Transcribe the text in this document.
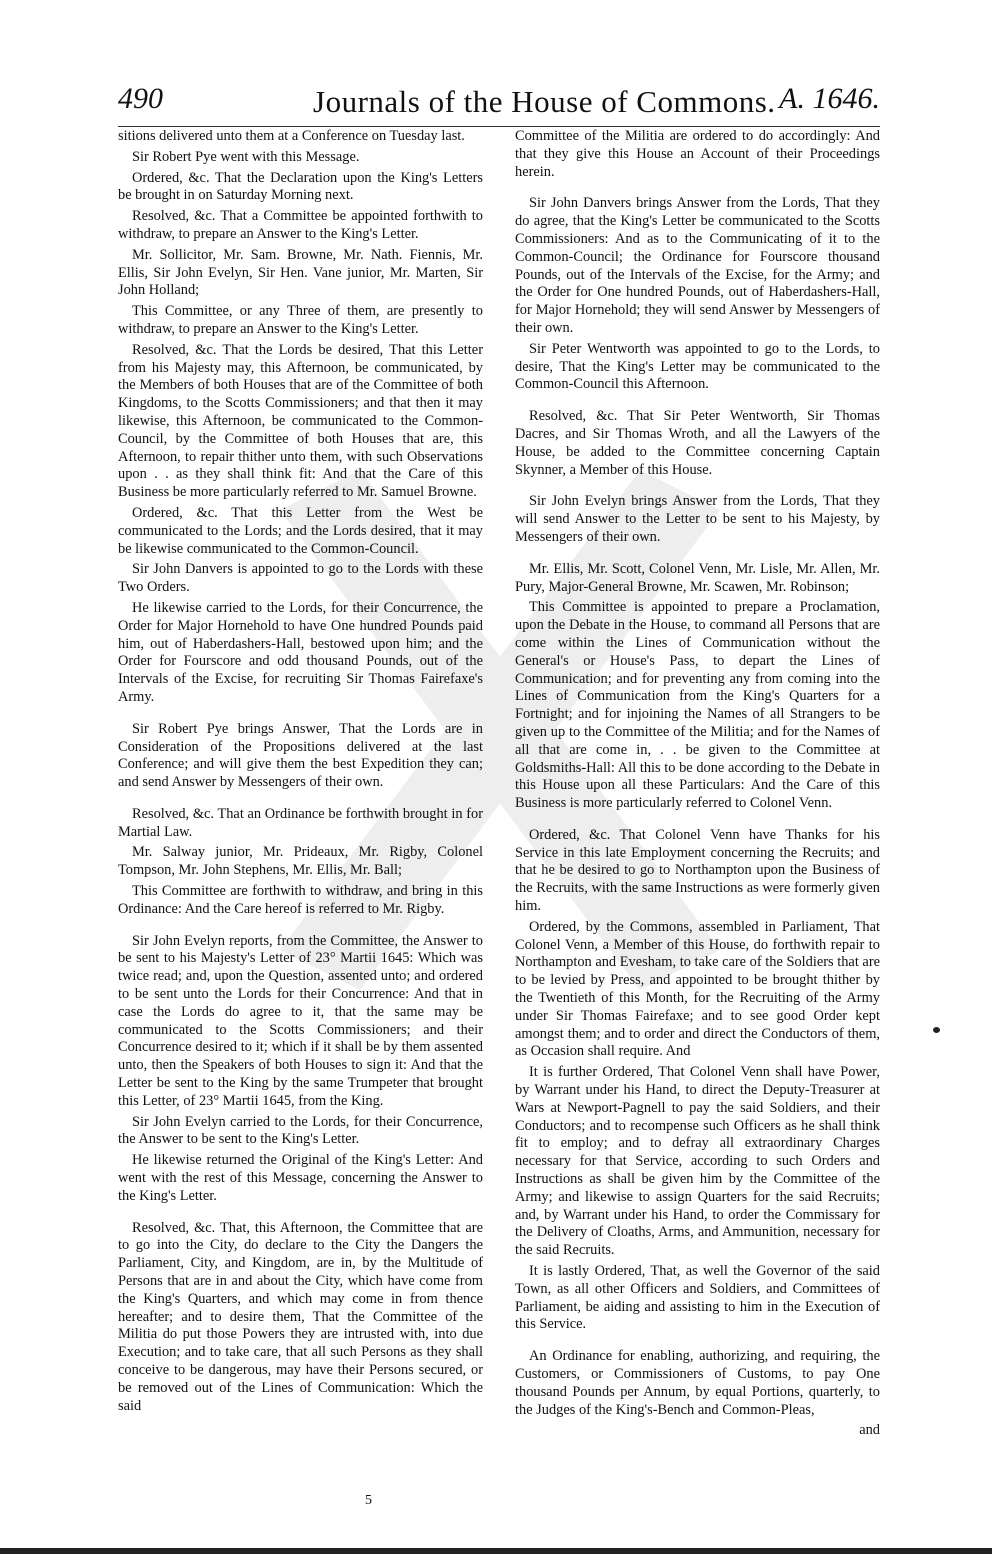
490	Journals of the House of Commons. A. 1646.

sitions delivered unto them at a Conference on Tuesday last.

Sir Robert Pye went with this Message.

Ordered, &c. That the Declaration upon the King's Letters be brought in on Saturday Morning next.

Resolved, &c. That a Committee be appointed forthwith to withdraw, to prepare an Answer to the King's Letter.

Mr. Sollicitor, Mr. Sam. Browne, Mr. Nath. Fiennis, Mr. Ellis, Sir John Evelyn, Sir Hen. Vane junior, Mr. Marten, Sir John Holland;

This Committee, or any Three of them, are presently to withdraw, to prepare an Answer to the King's Letter.

Resolved, &c. That the Lords be desired, That this Letter from his Majesty may, this Afternoon, be communicated, by the Members of both Houses that are of the Committee of both Kingdoms, to the Scotts Commissioners; and that then it may likewise, this Afternoon, be communicated to the Common-Council, by the Committee of both Houses that are, this Afternoon, to repair thither unto them, with such Observations upon . . as they shall think fit: And that the Care of this Business be more particularly referred to Mr. Samuel Browne.

Ordered, &c. That this Letter from the West be communicated to the Lords; and the Lords desired, that it may be likewise communicated to the Common-Council.

Sir John Danvers is appointed to go to the Lords with these Two Orders.

He likewise carried to the Lords, for their Concurrence, the Order for Major Hornehold to have One hundred Pounds paid him, out of Haberdashers-Hall, bestowed upon him; and the Order for Fourscore and odd thousand Pounds, out of the Intervals of the Excise, for recruiting Sir Thomas Fairefaxe's Army.

Sir Robert Pye brings Answer, That the Lords are in Consideration of the Propositions delivered at the last Conference; and will give them the best Expedition they can; and send Answer by Messengers of their own.

Resolved, &c. That an Ordinance be forthwith brought in for Martial Law.

Mr. Salway junior, Mr. Prideaux, Mr. Rigby, Colonel Tompson, Mr. John Stephens, Mr. Ellis, Mr. Ball;

This Committee are forthwith to withdraw, and bring in this Ordinance: And the Care hereof is referred to Mr. Rigby.

Sir John Evelyn reports, from the Committee, the Answer to be sent to his Majesty's Letter of 23° Martii 1645: Which was twice read; and, upon the Question, assented unto; and ordered to be sent unto the Lords for their Concurrence: And that in case the Lords do agree to it, that the same may be communicated to the Scotts Commissioners; and their Concurrence desired to it; which if it shall be by them assented unto, then the Speakers of both Houses to sign it: And that the Letter be sent to the King by the same Trumpeter that brought this Letter, of 23° Martii 1645, from the King.

Sir John Evelyn carried to the Lords, for their Concurrence, the Answer to be sent to the King's Letter.

He likewise returned the Original of the King's Letter: And went with the rest of this Message, concerning the Answer to the King's Letter.

Resolved, &c. That, this Afternoon, the Committee that are to go into the City, do declare to the City the Dangers the Parliament, City, and Kingdom, are in, by the Multitude of Persons that are in and about the City, which have come from the King's Quarters, and which may come in from thence hereafter; and to desire them, That the Committee of the Militia do put those Powers they are intrusted with, into due Execution; and to take care, that all such Persons as they shall conceive to be dangerous, may have their Persons secured, or be removed out of the Lines of Communication: Which the said

Committee of the Militia are ordered to do accordingly: And that they give this House an Account of their Proceedings herein.

Sir John Danvers brings Answer from the Lords, That they do agree, that the King's Letter be communicated to the Scotts Commissioners: And as to the Communicating of it to the Common-Council; the Ordinance for Fourscore thousand Pounds, out of the Intervals of the Excise, for the Army; and the Order for One hundred Pounds, out of Haberdashers-Hall, for Major Hornehold; they will send Answer by Messengers of their own.

Sir Peter Wentworth was appointed to go to the Lords, to desire, That the King's Letter may be communicated to the Common-Council this Afternoon.

Resolved, &c. That Sir Peter Wentworth, Sir Thomas Dacres, and Sir Thomas Wroth, and all the Lawyers of the House, be added to the Committee concerning Captain Skynner, a Member of this House.

Sir John Evelyn brings Answer from the Lords, That they will send Answer to the Letter to be sent to his Majesty, by Messengers of their own.

Mr. Ellis, Mr. Scott, Colonel Venn, Mr. Lisle, Mr. Allen, Mr. Pury, Major-General Browne, Mr. Scawen, Mr. Robinson;

This Committee is appointed to prepare a Proclamation, upon the Debate in the House, to command all Persons that are come within the Lines of Communication without the General's or House's Pass, to depart the Lines of Communication; and for preventing any from coming into the Lines of Communication from the King's Quarters for a Fortnight; and for injoining the Names of all Strangers to be given up to the Committee of the Militia; and for the Names of all that are come in, . . be given to the Committee at Goldsmiths-Hall: All this to be done according to the Debate in this House upon all these Particulars: And the Care of this Business is more particularly referred to Colonel Venn.

Ordered, &c. That Colonel Venn have Thanks for his Service in this late Employment concerning the Recruits; and that he be desired to go to Northampton upon the Business of the Recruits, with the same Instructions as were formerly given him.

Ordered, by the Commons, assembled in Parliament, That Colonel Venn, a Member of this House, do forthwith repair to Northampton and Evesham, to take care of the Soldiers that are to be levied by Press, and appointed to be brought thither by the Twentieth of this Month, for the Recruiting of the Army under Sir Thomas Fairefaxe; and to see good Order kept amongst them; and to order and direct the Conductors of them, as Occasion shall require. And

It is further Ordered, That Colonel Venn shall have Power, by Warrant under his Hand, to direct the Deputy-Treasurer at Wars at Newport-Pagnell to pay the said Soldiers, and their Conductors; and to recompense such Officers as he shall think fit to employ; and to defray all extraordinary Charges necessary for that Service, according to such Orders and Instructions as shall be given him by the Committee of the Army; and likewise to assign Quarters for the said Recruits; and, by Warrant under his Hand, to order the Commissary for the Delivery of Cloaths, Arms, and Ammunition, necessary for the said Recruits.

It is lastly Ordered, That, as well the Governor of the said Town, as all other Officers and Soldiers, and Committees of Parliament, be aiding and assisting to him in the Execution of this Service.

An Ordinance for enabling, authorizing, and requiring, the Customers, or Commissioners of Customs, to pay One thousand Pounds per Annum, by equal Portions, quarterly, to the Judges of the King's-Bench and Common-Pleas,

and

5
